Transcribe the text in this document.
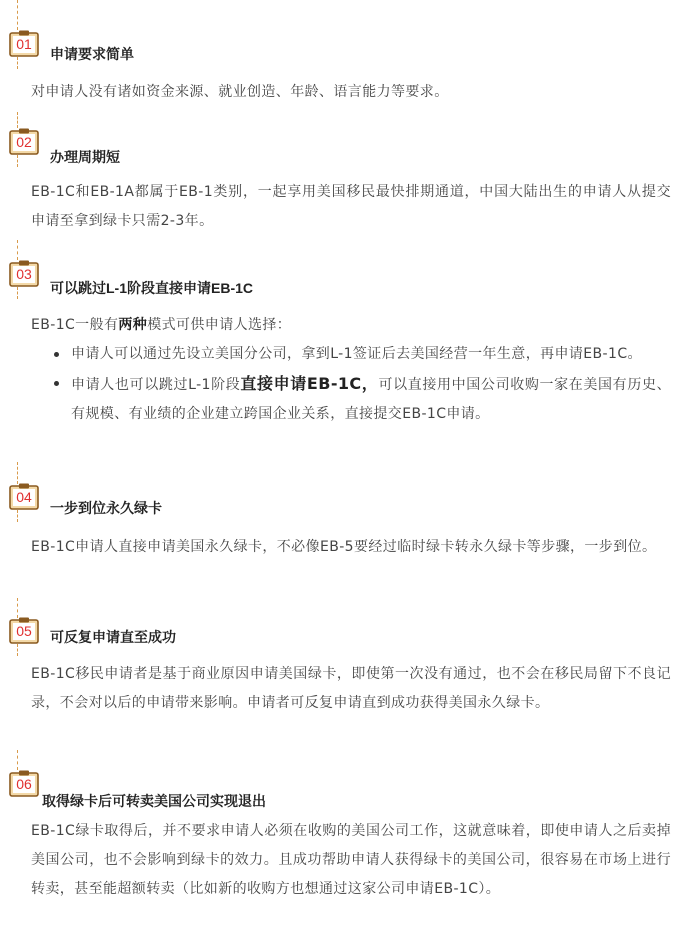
01
申请要求简单

对申请人没有诸如资金来源、就业创造、年龄、语言能力等要求。

02
办理周期短

EB-1C和EB-1A都属于EB-1类别，一起享用美国移民最快排期通道，中国大陆出生的申请人从提交申请至拿到绿卡只需2-3年。

03
可以跳过L-1阶段直接申请EB-1C

EB-1C一般有两种模式可供申请人选择：

申请人可以通过先设立美国分公司，拿到L-1签证后去美国经营一年生意，再申请EB-1C。
申请人也可以跳过L-1阶段直接申请EB-1C，可以直接用中国公司收购一家在美国有历史、有规模、有业绩的企业建立跨国企业关系，直接提交EB-1C申请。
04
一步到位永久绿卡

EB-1C申请人直接申请美国永久绿卡，不必像EB-5要经过临时绿卡转永久绿卡等步骤，一步到位。

05	可反复申请直至成功

EB-1C移民申请者是基于商业原因申请美国绿卡，即使第一次没有通过，也不会在移民局留下不良记录，不会对以后的申请带来影响。申请者可反复申请直到成功获得美国永久绿卡。

06
取得绿卡后可转卖美国公司实现退出

EB-1C绿卡取得后，并不要求申请人必须在收购的美国公司工作，这就意味着，即使申请人之后卖掉美国公司，也不会影响到绿卡的效力。且成功帮助申请人获得绿卡的美国公司，很容易在市场上进行转卖，甚至能超额转卖（比如新的收购方也想通过这家公司申请EB-1C）。
